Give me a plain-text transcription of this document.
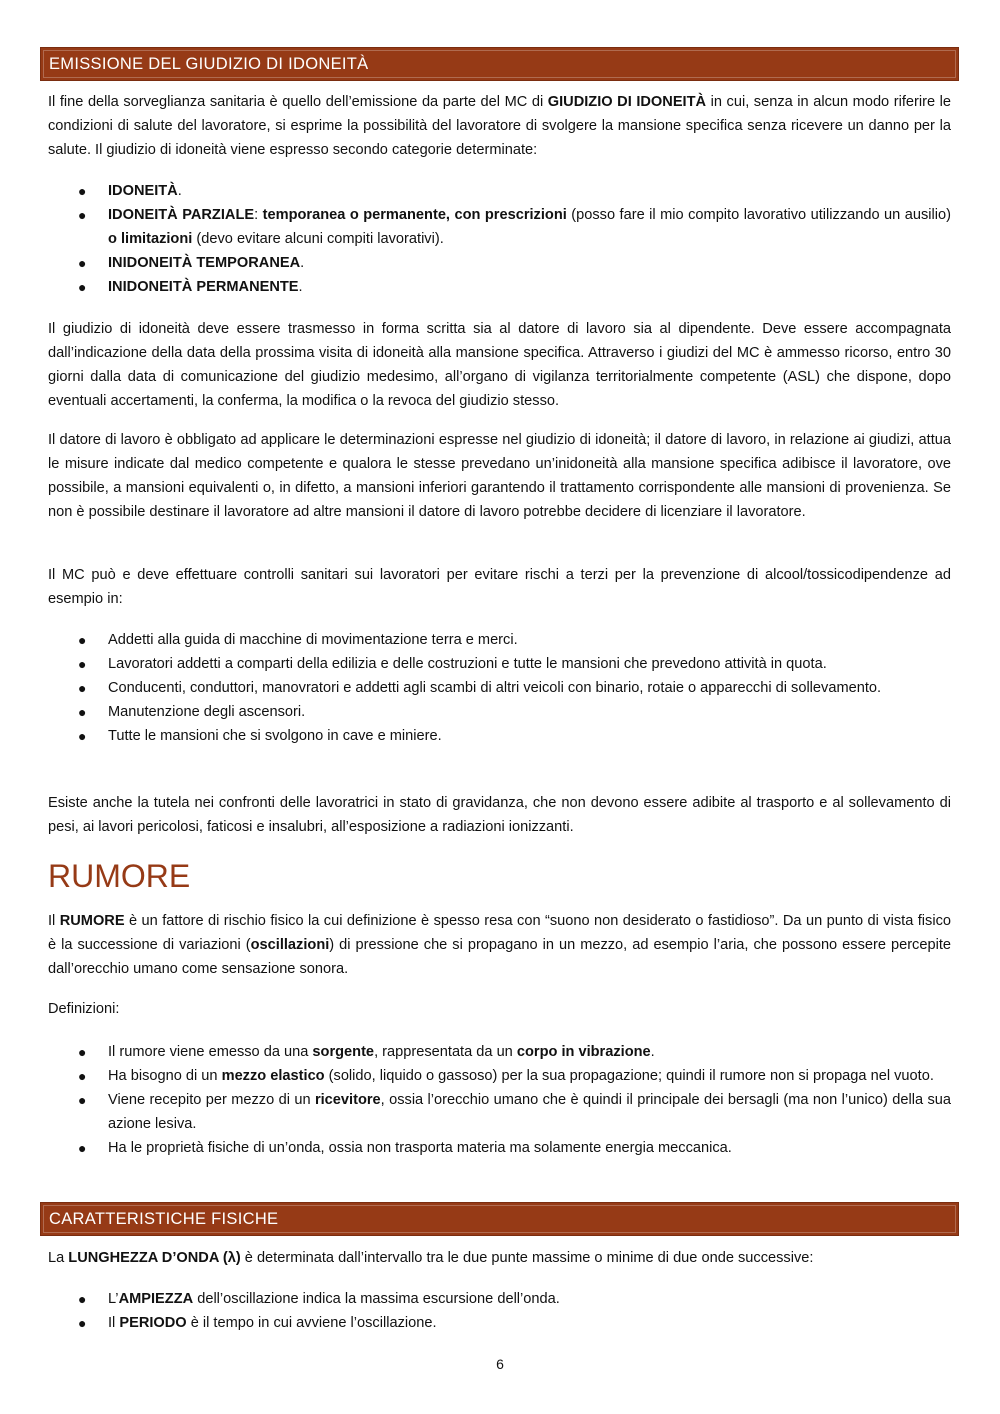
EMISSIONE DEL GIUDIZIO DI IDONEITÀ

Il fine della sorveglianza sanitaria è quello dell’emissione da parte del MC di GIUDIZIO DI IDONEITÀ in cui, senza in alcun modo riferire le condizioni di salute del lavoratore, si esprime la possibilità del lavoratore di svolgere la mansione specifica senza ricevere un danno per la salute. Il giudizio di idoneità viene espresso secondo categorie determinate:

● IDONEITÀ.
● IDONEITÀ PARZIALE: temporanea o permanente, con prescrizioni (posso fare il mio compito lavorativo utilizzando un ausilio) o limitazioni (devo evitare alcuni compiti lavorativi).
● INIDONEITÀ TEMPORANEA.
● INIDONEITÀ PERMANENTE.

Il giudizio di idoneità deve essere trasmesso in forma scritta sia al datore di lavoro sia al dipendente. Deve essere accompagnata dall’indicazione della data della prossima visita di idoneità alla mansione specifica. Attraverso i giudizi del MC è ammesso ricorso, entro 30 giorni dalla data di comunicazione del giudizio medesimo, all’organo di vigilanza territorialmente competente (ASL) che dispone, dopo eventuali accertamenti, la conferma, la modifica o la revoca del giudizio stesso.

Il datore di lavoro è obbligato ad applicare le determinazioni espresse nel giudizio di idoneità; il datore di lavoro, in relazione ai giudizi, attua le misure indicate dal medico competente e qualora le stesse prevedano un’inidoneità alla mansione specifica adibisce il lavoratore, ove possibile, a mansioni equivalenti o, in difetto, a mansioni inferiori garantendo il trattamento corrispondente alle mansioni di provenienza. Se non è possibile destinare il lavoratore ad altre mansioni il datore di lavoro potrebbe decidere di licenziare il lavoratore.

Il MC può e deve effettuare controlli sanitari sui lavoratori per evitare rischi a terzi per la prevenzione di alcool/tossicodipendenze ad esempio in:

● Addetti alla guida di macchine di movimentazione terra e merci.
● Lavoratori addetti a comparti della edilizia e delle costruzioni e tutte le mansioni che prevedono attività in quota.
● Conducenti, conduttori, manovratori e addetti agli scambi di altri veicoli con binario, rotaie o apparecchi di sollevamento.
● Manutenzione degli ascensori.
● Tutte le mansioni che si svolgono in cave e miniere.

Esiste anche la tutela nei confronti delle lavoratrici in stato di gravidanza, che non devono essere adibite al trasporto e al sollevamento di pesi, ai lavori pericolosi, faticosi e insalubri, all’esposizione a radiazioni ionizzanti.

RUMORE

Il RUMORE è un fattore di rischio fisico la cui definizione è spesso resa con “suono non desiderato o fastidioso”. Da un punto di vista fisico è la successione di variazioni (oscillazioni) di pressione che si propagano in un mezzo, ad esempio l’aria, che possono essere percepite dall’orecchio umano come sensazione sonora.

Definizioni:

● Il rumore viene emesso da una sorgente, rappresentata da un corpo in vibrazione.
● Ha bisogno di un mezzo elastico (solido, liquido o gassoso) per la sua propagazione; quindi il rumore non si propaga nel vuoto.
● Viene recepito per mezzo di un ricevitore, ossia l’orecchio umano che è quindi il principale dei bersagli (ma non l’unico) della sua azione lesiva.
● Ha le proprietà fisiche di un’onda, ossia non trasporta materia ma solamente energia meccanica.
CARATTERISTICHE FISICHE

La LUNGHEZZA D’ONDA (λ) è determinata dall’intervallo tra le due punte massime o minime di due onde successive:

● L’AMPIEZZA dell’oscillazione indica la massima escursione dell’onda.
● Il PERIODO è il tempo in cui avviene l’oscillazione.
6
